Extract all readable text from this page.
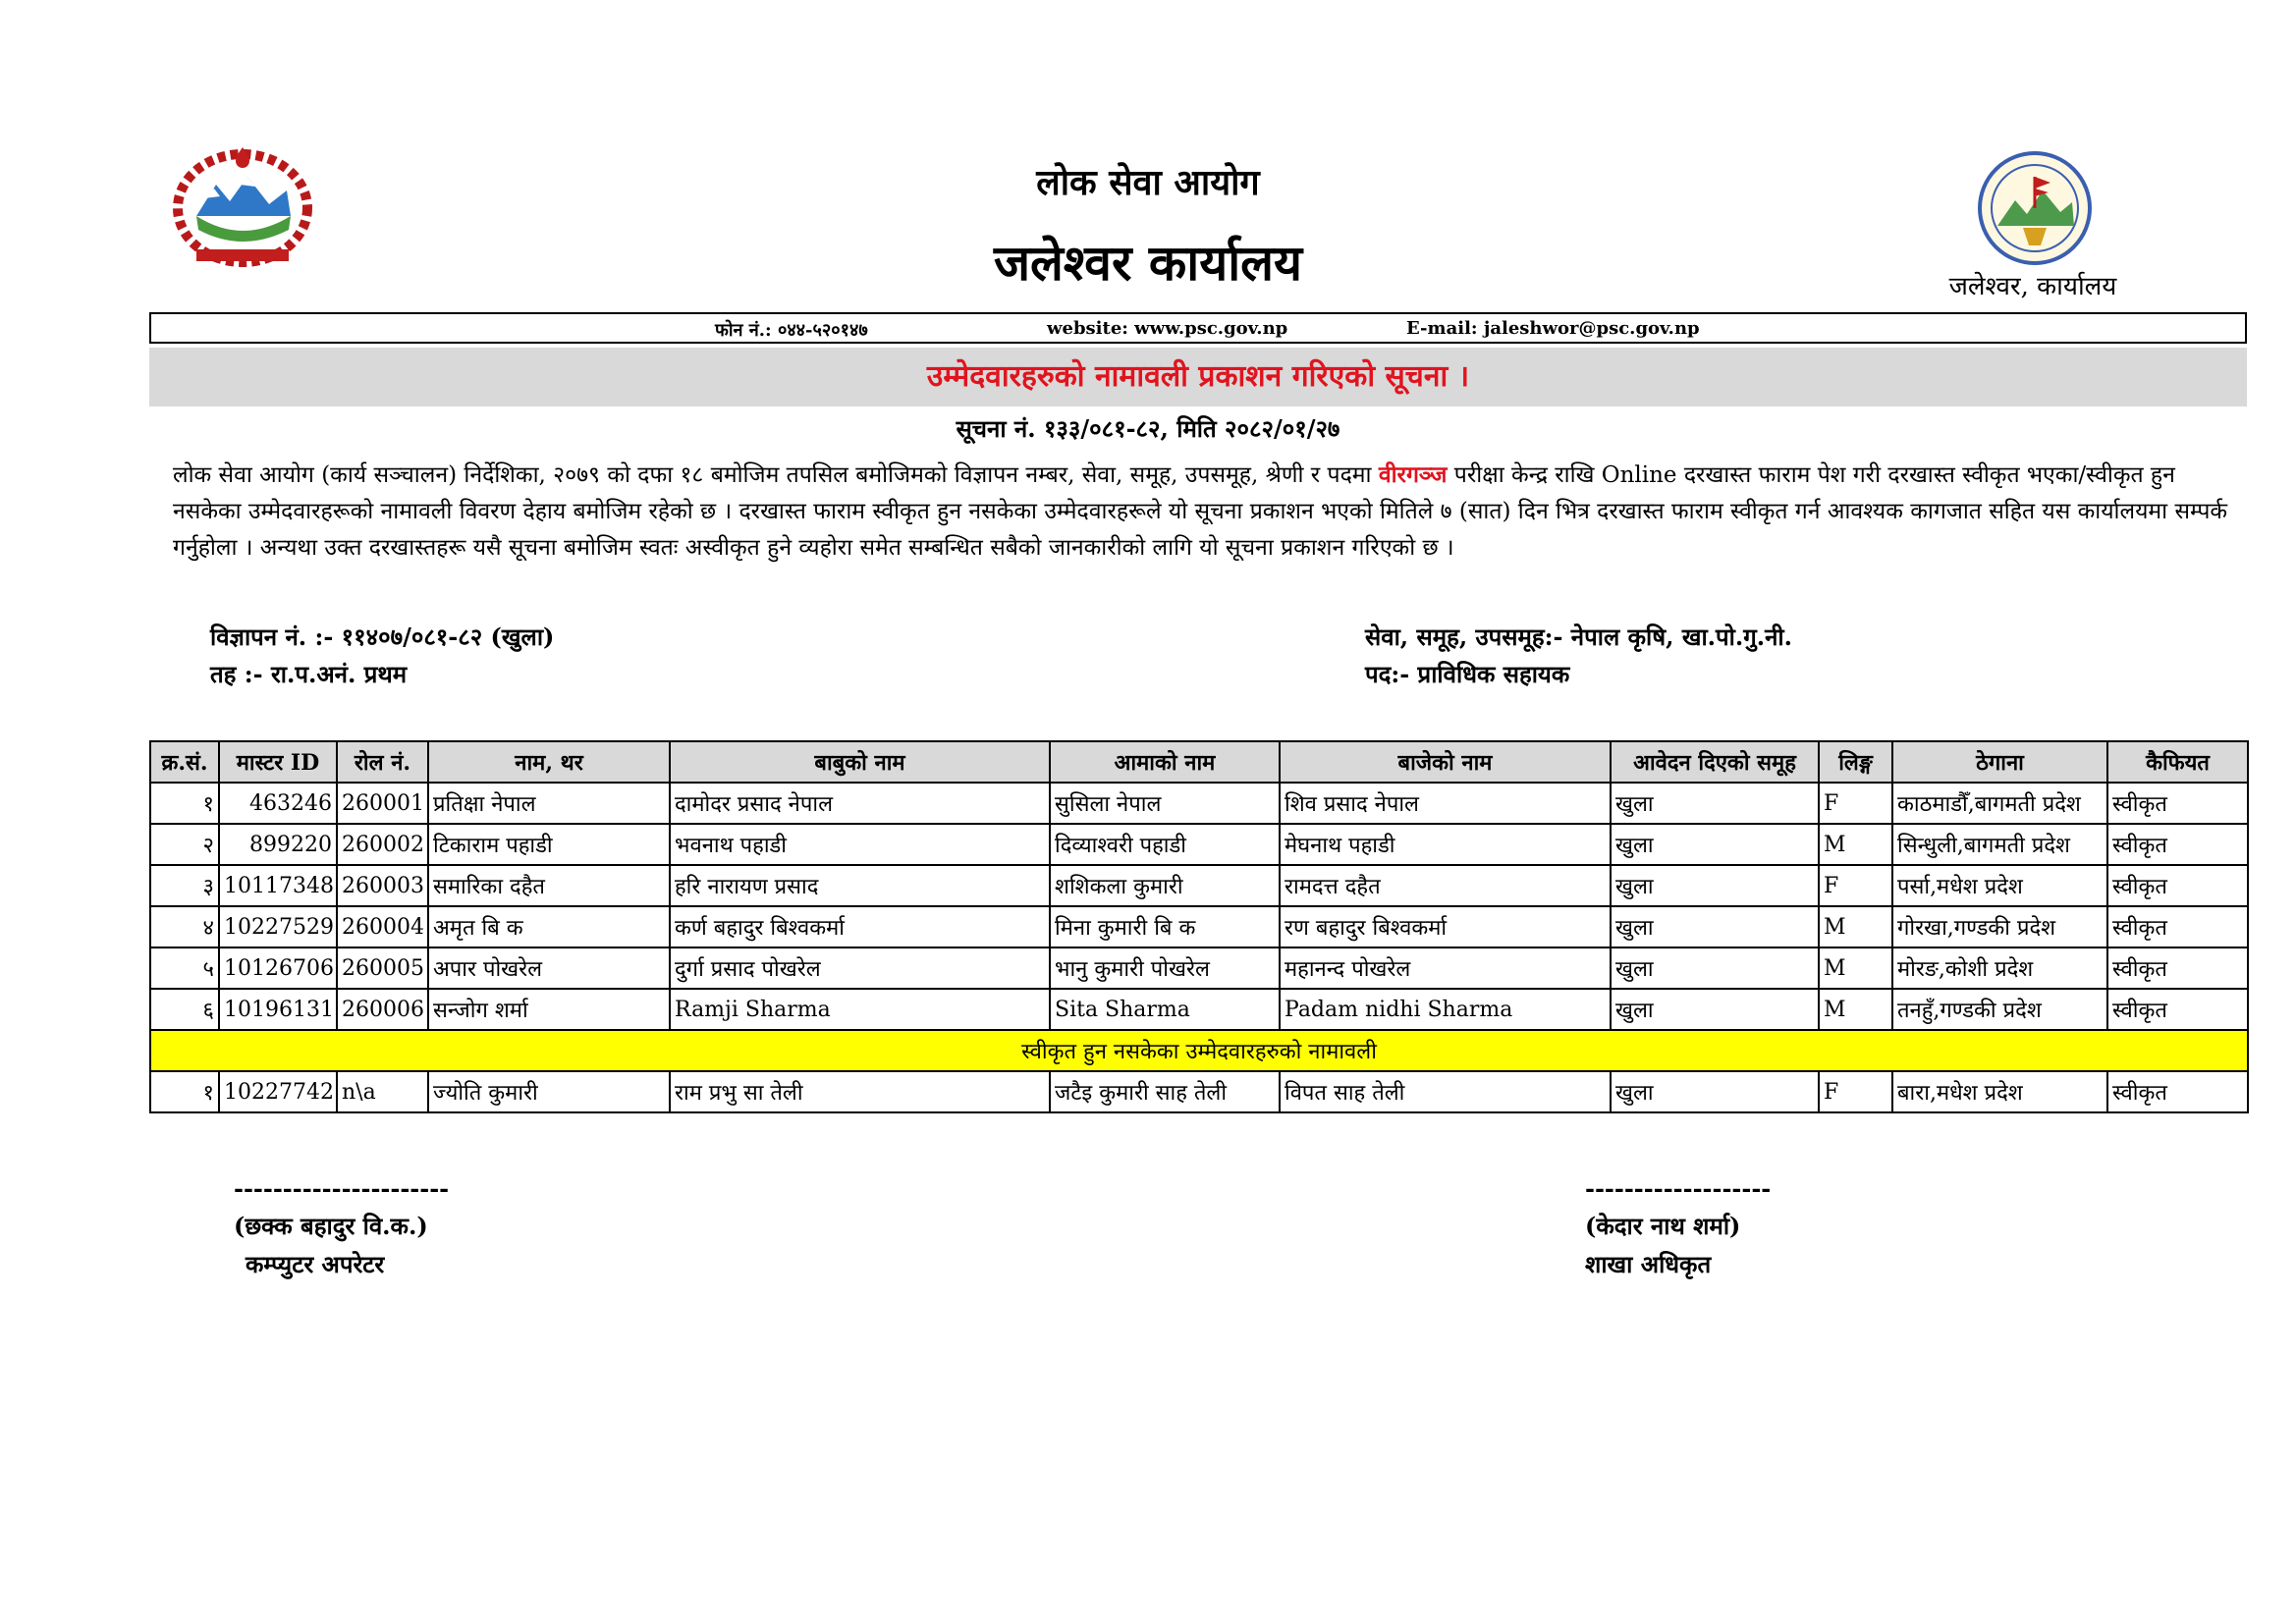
लोक सेवा आयोग
जलेश्वर कार्यालय	जलेश्वर, कार्यालय
फोन नं.: ०४४-५२०१४७	website: www.psc.gov.np	E-mail: jaleshwor@psc.gov.np
उम्मेदवारहरुको नामावली प्रकाशन गरिएको सूचना ।
सूचना नं. १३३/०८१-८२, मिति २०८२/०१/२७
लोक सेवा आयोग (कार्य सञ्चालन) निर्देशिका, २०७९ को दफा १८ बमोजिम तपसिल बमोजिमको विज्ञापन नम्बर, सेवा, समूह, उपसमूह, श्रेणी र पदमा वीरगञ्ज परीक्षा केन्द्र राखि Online दरखास्त फाराम पेश गरी दरखास्त स्वीकृत भएका/स्वीकृत हुन नसकेका उम्मेदवारहरूको नामावली विवरण देहाय बमोजिम रहेको छ । दरखास्त फाराम स्वीकृत हुन नसकेका उम्मेदवारहरूले यो सूचना प्रकाशन भएको मितिले ७ (सात) दिन भित्र दरखास्त फाराम स्वीकृत गर्न आवश्यक कागजात सहित यस कार्यालयमा सम्पर्क गर्नुहोला । अन्यथा उक्त दरखास्तहरू यसै सूचना बमोजिम स्वतः अस्वीकृत हुने व्यहोरा समेत सम्बन्धित सबैको जानकारीको लागि यो सूचना प्रकाशन गरिएको छ ।
विज्ञापन नं. :- ११४०७/०८१-८२ (खुला)
तह :- रा.प.अनं. प्रथम
सेवा, समूह, उपसमूह:- नेपाल कृषि, खा.पो.गु.नी.
पद:- प्राविधिक सहायक
क्र.सं.	मास्टर ID	रोल नं.	नाम, थर	बाबुको नाम	आमाको नाम	बाजेको नाम	आवेदन दिएको समूह	लिङ्ग	ठेगाना	कैफियत
१	463246	260001	प्रतिक्षा नेपाल	दामोदर प्रसाद नेपाल	सुसिला नेपाल	शिव प्रसाद नेपाल	खुला	F	काठमाडौँ,बागमती प्रदेश	स्वीकृत
२	899220	260002	टिकाराम पहाडी	भवनाथ पहाडी	दिव्याश्वरी पहाडी	मेघनाथ पहाडी	खुला	M	सिन्धुली,बागमती प्रदेश	स्वीकृत
३	10117348	260003	समारिका दहैत	हरि नारायण प्रसाद	शशिकला कुमारी	रामदत्त दहैत	खुला	F	पर्सा,मधेश प्रदेश	स्वीकृत
४	10227529	260004	अमृत बि क	कर्ण बहादुर बिश्वकर्मा	मिना कुमारी बि क	रण बहादुर बिश्वकर्मा	खुला	M	गोरखा,गण्डकी प्रदेश	स्वीकृत
५	10126706	260005	अपार पोखरेल	दुर्गा प्रसाद पोखरेल	भानु कुमारी पोखरेल	महानन्द पोखरेल	खुला	M	मोरङ,कोशी प्रदेश	स्वीकृत
६	10196131	260006	सन्जोग शर्मा	Ramji Sharma	Sita Sharma	Padam nidhi Sharma	खुला	M	तनहुँ,गण्डकी प्रदेश	स्वीकृत
स्वीकृत हुन नसकेका उम्मेदवारहरुको नामावली										
१	10227742	n\a	ज्योति कुमारी	राम प्रभु सा तेली	जटैइ कुमारी साह तेली	विपत साह तेली	खुला	F	बारा,मधेश प्रदेश	स्वीकृत
----------------------
(छक्क बहादुर वि.क.)
कम्प्युटर अपरेटर
-------------------
(केदार नाथ शर्मा)
शाखा अधिकृत
